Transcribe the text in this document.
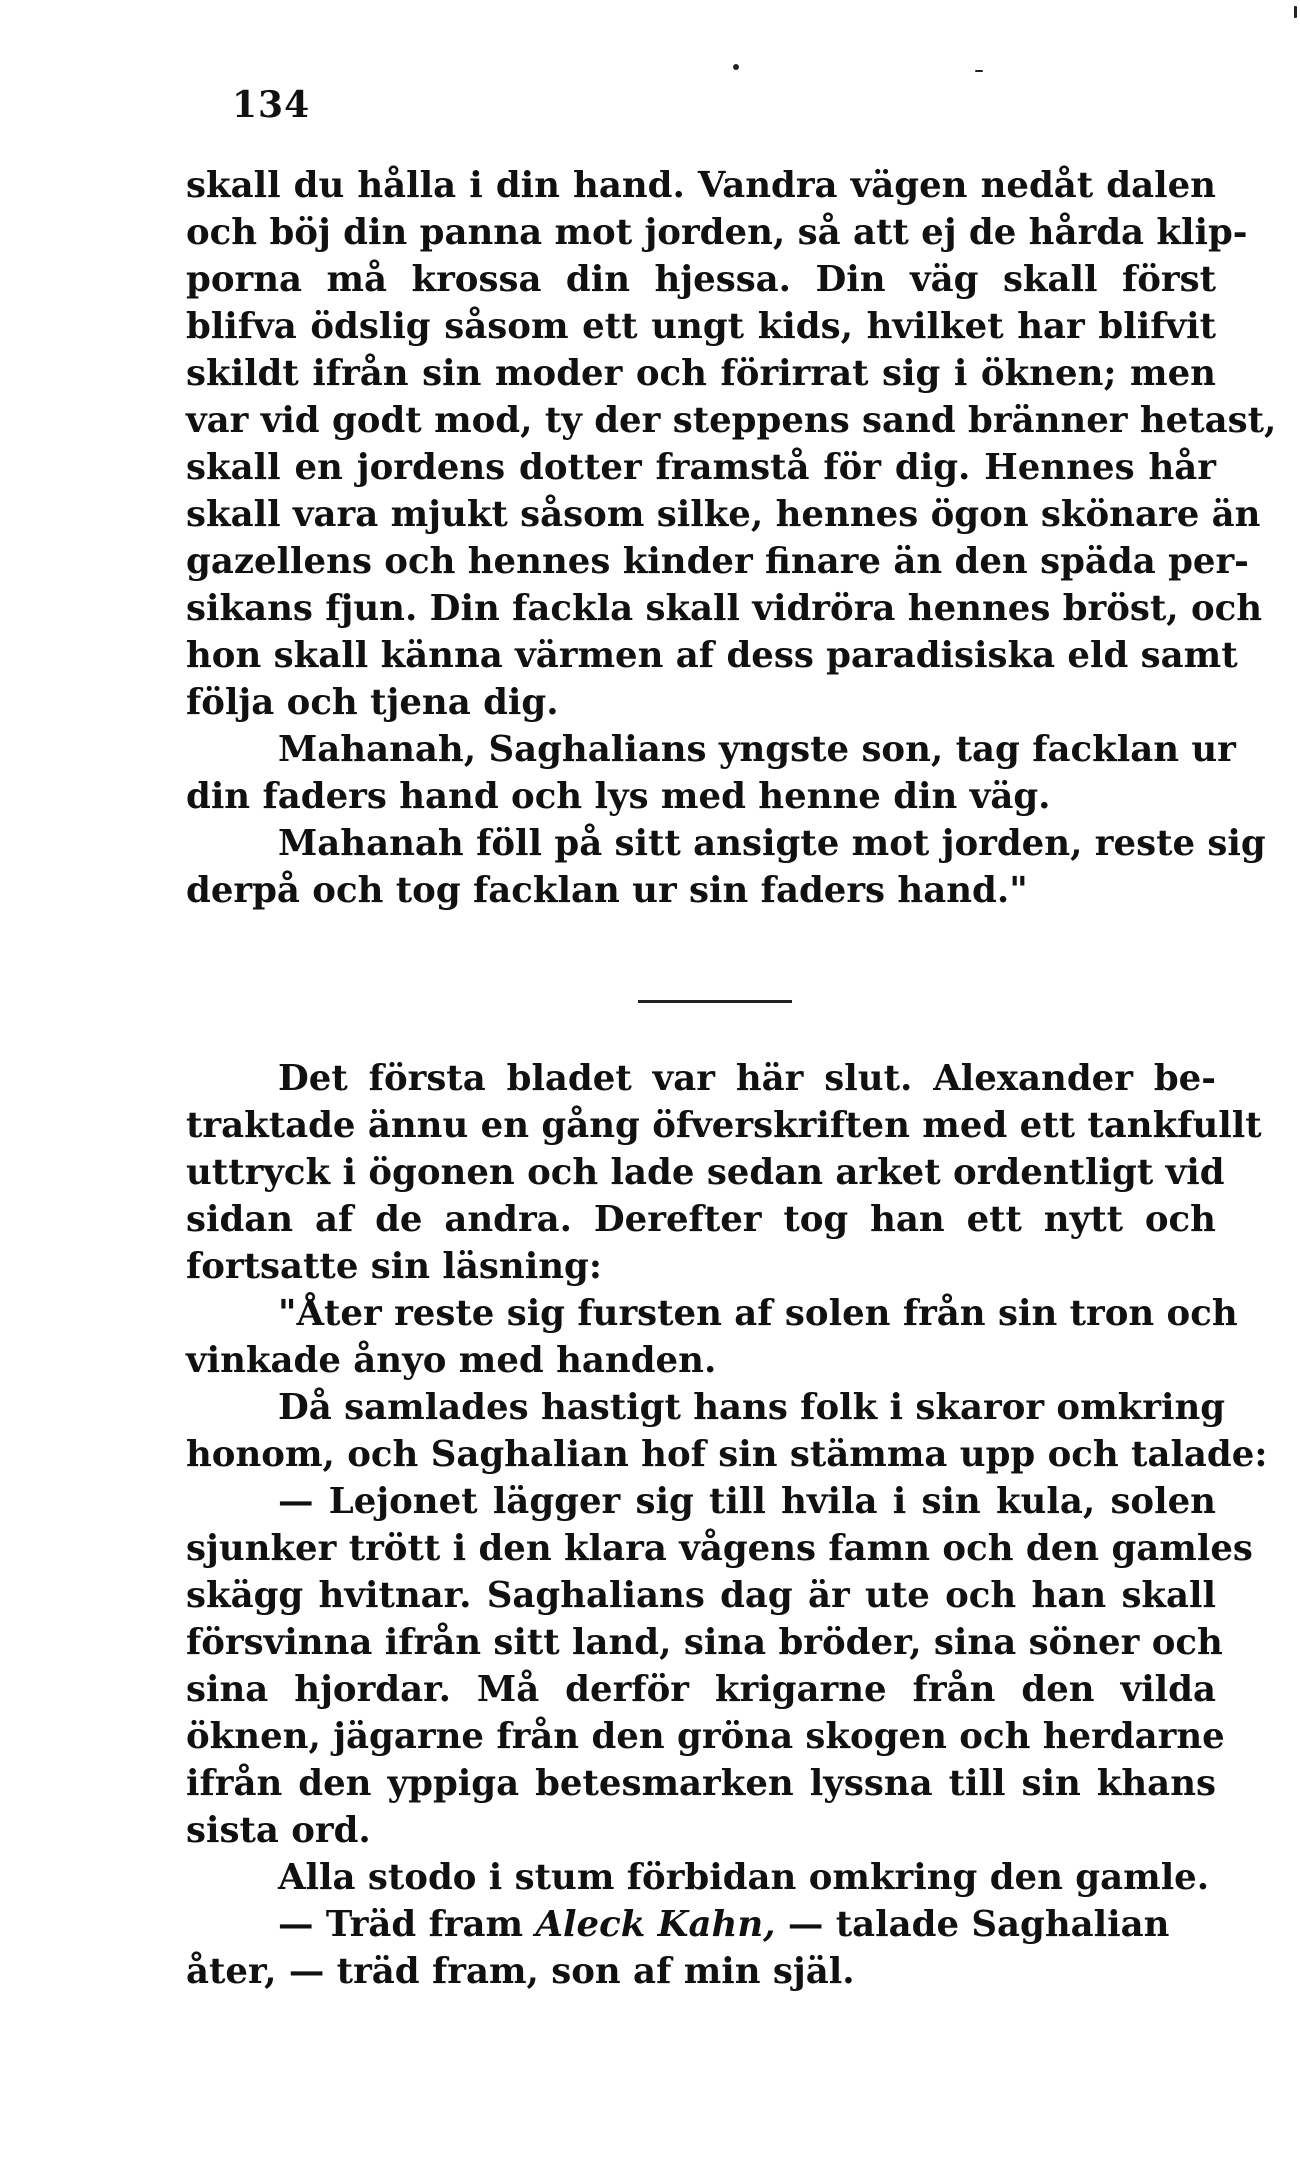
134
skall du hålla i din hand. Vandra vägen nedåt dalen
och böj din panna mot jorden, så att ej de hårda klip-
porna må krossa din hjessa. Din väg skall först
blifva ödslig såsom ett ungt kids, hvilket har blifvit
skildt ifrån sin moder och förirrat sig i öknen; men
var vid godt mod, ty der steppens sand bränner hetast,
skall en jordens dotter framstå för dig. Hennes hår
skall vara mjukt såsom silke, hennes ögon skönare än
gazellens och hennes kinder finare än den späda per-
sikans fjun. Din fackla skall vidröra hennes bröst, och
hon skall känna värmen af dess paradisiska eld samt
följa och tjena dig.
Mahanah, Saghalians yngste son, tag facklan ur
din faders hand och lys med henne din väg.
Mahanah föll på sitt ansigte mot jorden, reste sig
derpå och tog facklan ur sin faders hand."
Det första bladet var här slut. Alexander be-
traktade ännu en gång öfverskriften med ett tankfullt
uttryck i ögonen och lade sedan arket ordentligt vid
sidan af de andra. Derefter tog han ett nytt och
fortsatte sin läsning:
"Åter reste sig fursten af solen från sin tron och
vinkade ånyo med handen.
Då samlades hastigt hans folk i skaror omkring
honom, och Saghalian hof sin stämma upp och talade:
— Lejonet lägger sig till hvila i sin kula, solen
sjunker trött i den klara vågens famn och den gamles
skägg hvitnar. Saghalians dag är ute och han skall
försvinna ifrån sitt land, sina bröder, sina söner och
sina hjordar. Må derför krigarne från den vilda
öknen, jägarne från den gröna skogen och herdarne
ifrån den yppiga betesmarken lyssna till sin khans
sista ord.
Alla stodo i stum förbidan omkring den gamle.
— Träd fram Aleck Kahn, — talade Saghalian
åter, — träd fram, son af min själ.
